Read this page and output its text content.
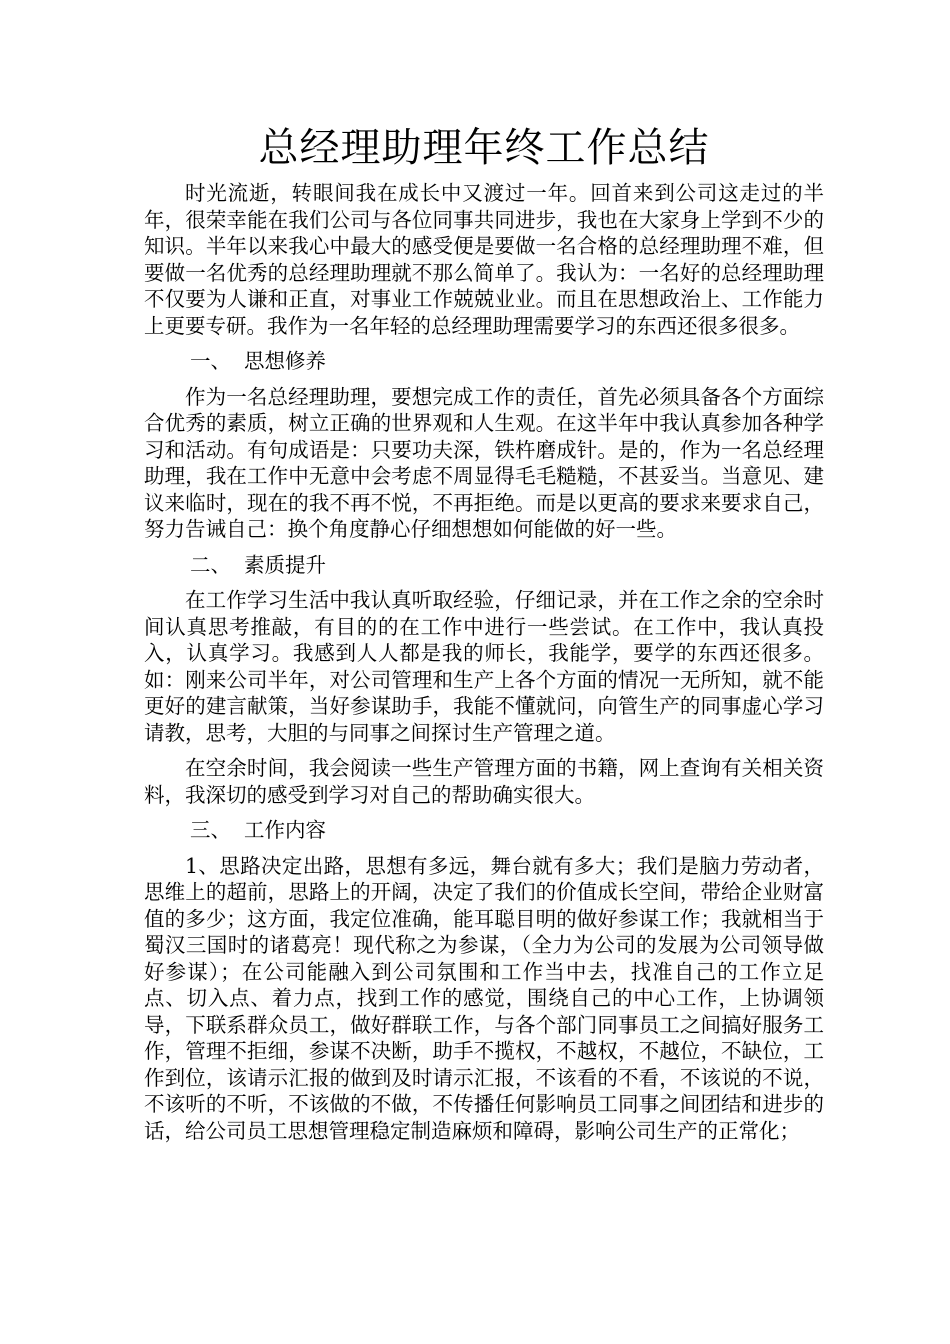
总经理助理年终工作总结

时光流逝，转眼间我在成长中又渡过一年。回首来到公司这走过的半年，很荣幸能在我们公司与各位同事共同进步，我也在大家身上学到不少的知识。半年以来我心中最大的感受便是要做一名合格的总经理助理不难，但要做一名优秀的总经理助理就不那么简单了。我认为：一名好的总经理助理不仅要为人谦和正直，对事业工作兢兢业业。而且在思想政治上、工作能力上更要专研。我作为一名年轻的总经理助理需要学习的东西还很多很多。

一、 思想修养

作为一名总经理助理，要想完成工作的责任，首先必须具备各个方面综合优秀的素质，树立正确的世界观和人生观。在这半年中我认真参加各种学习和活动。有句成语是：只要功夫深，铁杵磨成针。是的，作为一名总经理助理，我在工作中无意中会考虑不周显得毛毛糙糙，不甚妥当。当意见、建议来临时，现在的我不再不悦，不再拒绝。而是以更高的要求来要求自己，努力告诫自己：换个角度静心仔细想想如何能做的好一些。

二、 素质提升

在工作学习生活中我认真听取经验，仔细记录，并在工作之余的空余时间认真思考推敲，有目的的在工作中进行一些尝试。在工作中，我认真投入，认真学习。我感到人人都是我的师长，我能学，要学的东西还很多。如：刚来公司半年，对公司管理和生产上各个方面的情况一无所知，就不能更好的建言献策，当好参谋助手，我能不懂就问，向管生产的同事虚心学习请教，思考，大胆的与同事之间探讨生产管理之道。

在空余时间，我会阅读一些生产管理方面的书籍，网上查询有关相关资料，我深切的感受到学习对自己的帮助确实很大。

三、 工作内容

1、思路决定出路，思想有多远，舞台就有多大；我们是脑力劳动者，思维上的超前，思路上的开阔，决定了我们的价值成长空间，带给企业财富值的多少；这方面，我定位准确，能耳聪目明的做好参谋工作；我就相当于蜀汉三国时的诸葛亮！现代称之为参谋，（全力为公司的发展为公司领导做好参谋）；在公司能融入到公司氛围和工作当中去，找准自己的工作立足点、切入点、着力点，找到工作的感觉，围绕自己的中心工作，上协调领导，下联系群众员工，做好群联工作，与各个部门同事员工之间搞好服务工作，管理不拒细，参谋不决断，助手不揽权，不越权，不越位，不缺位，工作到位，该请示汇报的做到及时请示汇报，不该看的不看，不该说的不说，不该听的不听，不该做的不做，不传播任何影响员工同事之间团结和进步的话，给公司员工思想管理稳定制造麻烦和障碍，影响公司生产的正常化；
